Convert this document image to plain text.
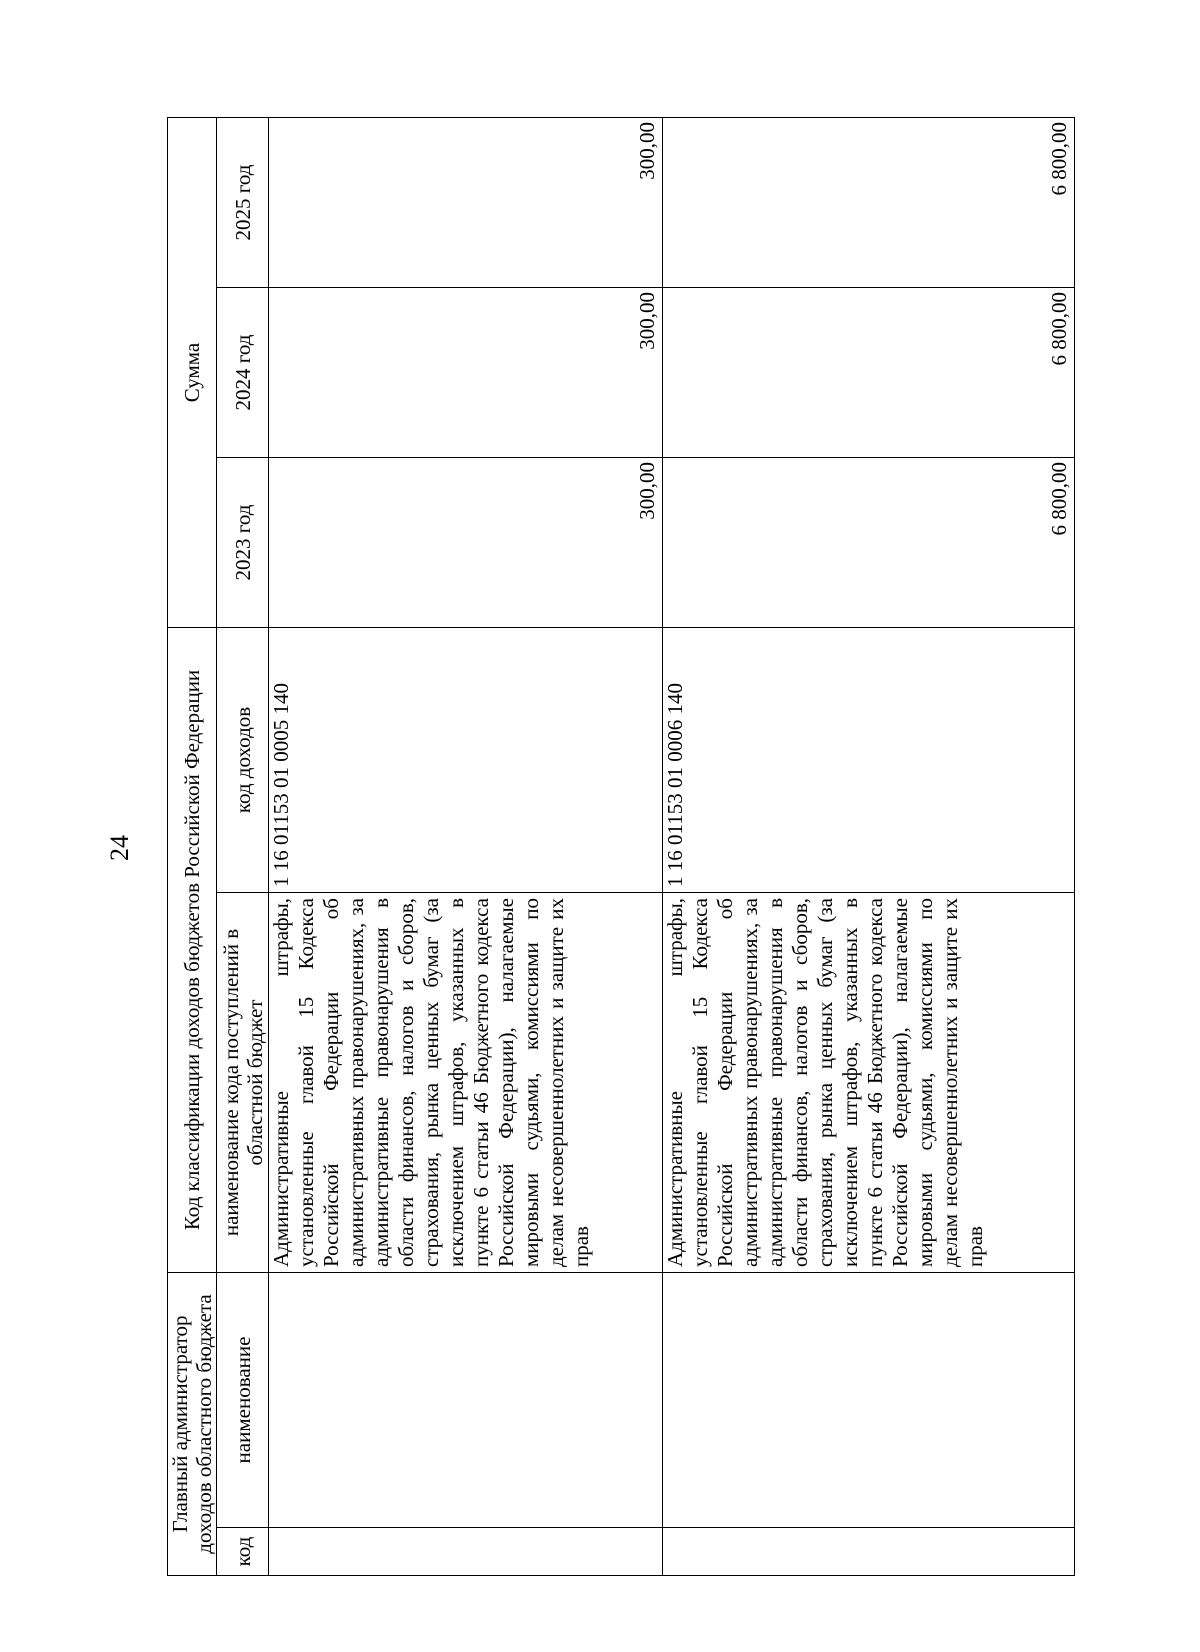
24
Главный администратор доходов областного бюджета		Код классификации доходов бюджетов Российской Федерации		Сумма		
код	наименование	наименование кода поступлений в областной бюджет	код доходов	2023 год	2024 год	2025 год
		Административные штрафы, установленные главой 15 Кодекса Российской Федерации об административных правонарушениях, за административные правонарушения в области финансов, налогов и сборов, страхования, рынка ценных бумаг (за исключением штрафов, указанных в пункте 6 статьи 46 Бюджетного кодекса Российской Федерации), налагаемые мировыми судьями, комиссиями по делам несовершеннолетних и защите их прав	1 16 01153 01 0005 140	300,00	300,00	300,00

		Административные штрафы, установленные главой 15 Кодекса Российской Федерации об административных правонарушениях, за административные правонарушения в области финансов, налогов и сборов, страхования, рынка ценных бумаг (за исключением штрафов, указанных в пункте 6 статьи 46 Бюджетного кодекса Российской Федерации), налагаемые мировыми судьями, комиссиями по делам несовершеннолетних и защите их прав	1 16 01153 01 0006 140	6 800,00	6 800,00	6 800,00
